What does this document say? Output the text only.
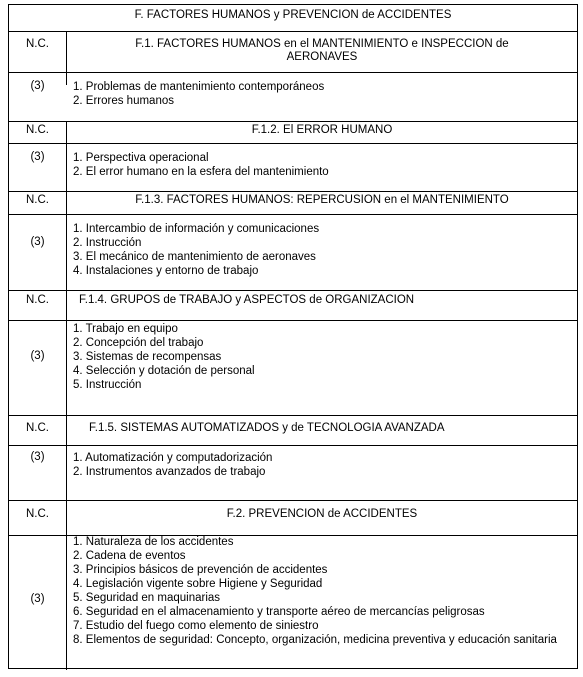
F. FACTORES HUMANOS y PREVENCION de ACCIDENTES
N.C.	F.1. FACTORES HUMANOS en el MANTENIMIENTO e INSPECCION de AERONAVES
(3)	1. Problemas de mantenimiento contemporáneos
2. Errores humanos
N.C.	F.1.2. El ERROR HUMANO
(3)	1. Perspectiva operacional
2. El error humano en la esfera del mantenimiento
N.C.	F.1.3. FACTORES HUMANOS: REPERCUSION en el MANTENIMIENTO
(3)
1. Intercambio de información y comunicaciones
2. Instrucción
3. El mecánico de mantenimiento de aeronaves
4. Instalaciones y entorno de trabajo
N.C.	F.1.4. GRUPOS de TRABAJO y ASPECTOS de ORGANIZACION
(3)
1. Trabajo en equipo
2. Concepción del trabajo
3. Sistemas de recompensas
4. Selección y dotación de personal
5. Instrucción
N.C.	F.1.5. SISTEMAS AUTOMATIZADOS y de TECNOLOGIA AVANZADA
(3)	1. Automatización y computadorización
2. Instrumentos avanzados de trabajo
N.C.	F.2. PREVENCION de ACCIDENTES
(3)
1. Naturaleza de los accidentes
2. Cadena de eventos
3. Principios básicos de prevención de accidentes
4. Legislación vigente sobre Higiene y Seguridad
5. Seguridad en maquinarias
6. Seguridad en el almacenamiento y transporte aéreo de mercancías peligrosas
7. Estudio del fuego como elemento de siniestro
8. Elementos de seguridad: Concepto, organización, medicina preventiva y educación sanitaria
